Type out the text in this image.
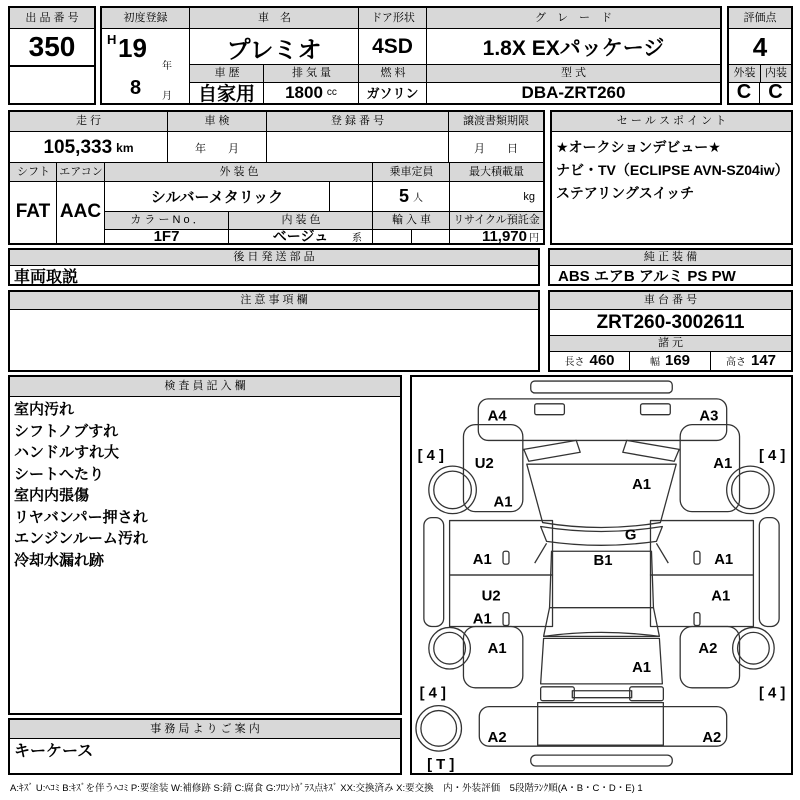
出 品 番 号
350
初度登録	車　名	ドア形状	グ　レ　ー　ド
H 19
年
8 月
プレミオ	4SD	1.8X EXパッケージ
車 歴	排 気 量	燃 料	型 式
自家用	1800 cc	ガソリン	DBA-ZRT260
評価点
4
外装 内装
C C
走 行	車 検	登 録 番 号	譲渡書類期限
105,333 km	年　　月	月　　日
シフト エアコン	外 装 色	乗車定員	最大積載量
FAT AAC
シルバーメタリック	5 人	kg
カ ラ ー N o ．	内 装 色	輸 入 車	リサイクル預託金
1F7	ベージュ 系	11,970 円
セ ー ル ス ポ イ ン ト
★オークションデビュー★
ナビ・TV（ECLIPSE AVN-SZ04iw）
ステアリングスイッチ
後 日 発 送 部 品
車両取説
純 正 装 備
ABS エアB アルミ PS PW
注 意 事 項 欄	車 台 番 号
ZRT260-3002611
諸 元
長さ 460	幅 169	高さ 147
検 査 員 記 入 欄
室内汚れ
シフトノブすれ
ハンドルすれ大
シートへたり
室内内張傷
リヤバンパー押され
エンジンルーム汚れ
冷却水漏れ跡
A4	A3
[ 4 ]	[ 4 ]
U2	A1
A1
A1
G
B1
A1	A1
U2	A1
A1
A1	A2
A1
[ 4 ]	[ 4 ]
A2	A2
[ T ]
事 務 局 よ り ご 案 内
キーケース
A:ｷｽﾞ U:ﾍｺﾐ B:ｷｽﾞを伴うﾍｺﾐ P:要塗装 W:補修跡 S:錆 C:腐食 G:ﾌﾛﾝﾄｶﾞﾗｽ点ｷｽﾞ XX:交換済み X:要交換　内・外装評価　5段階ﾗﾝｸ順(A・B・C・D・E) 1
